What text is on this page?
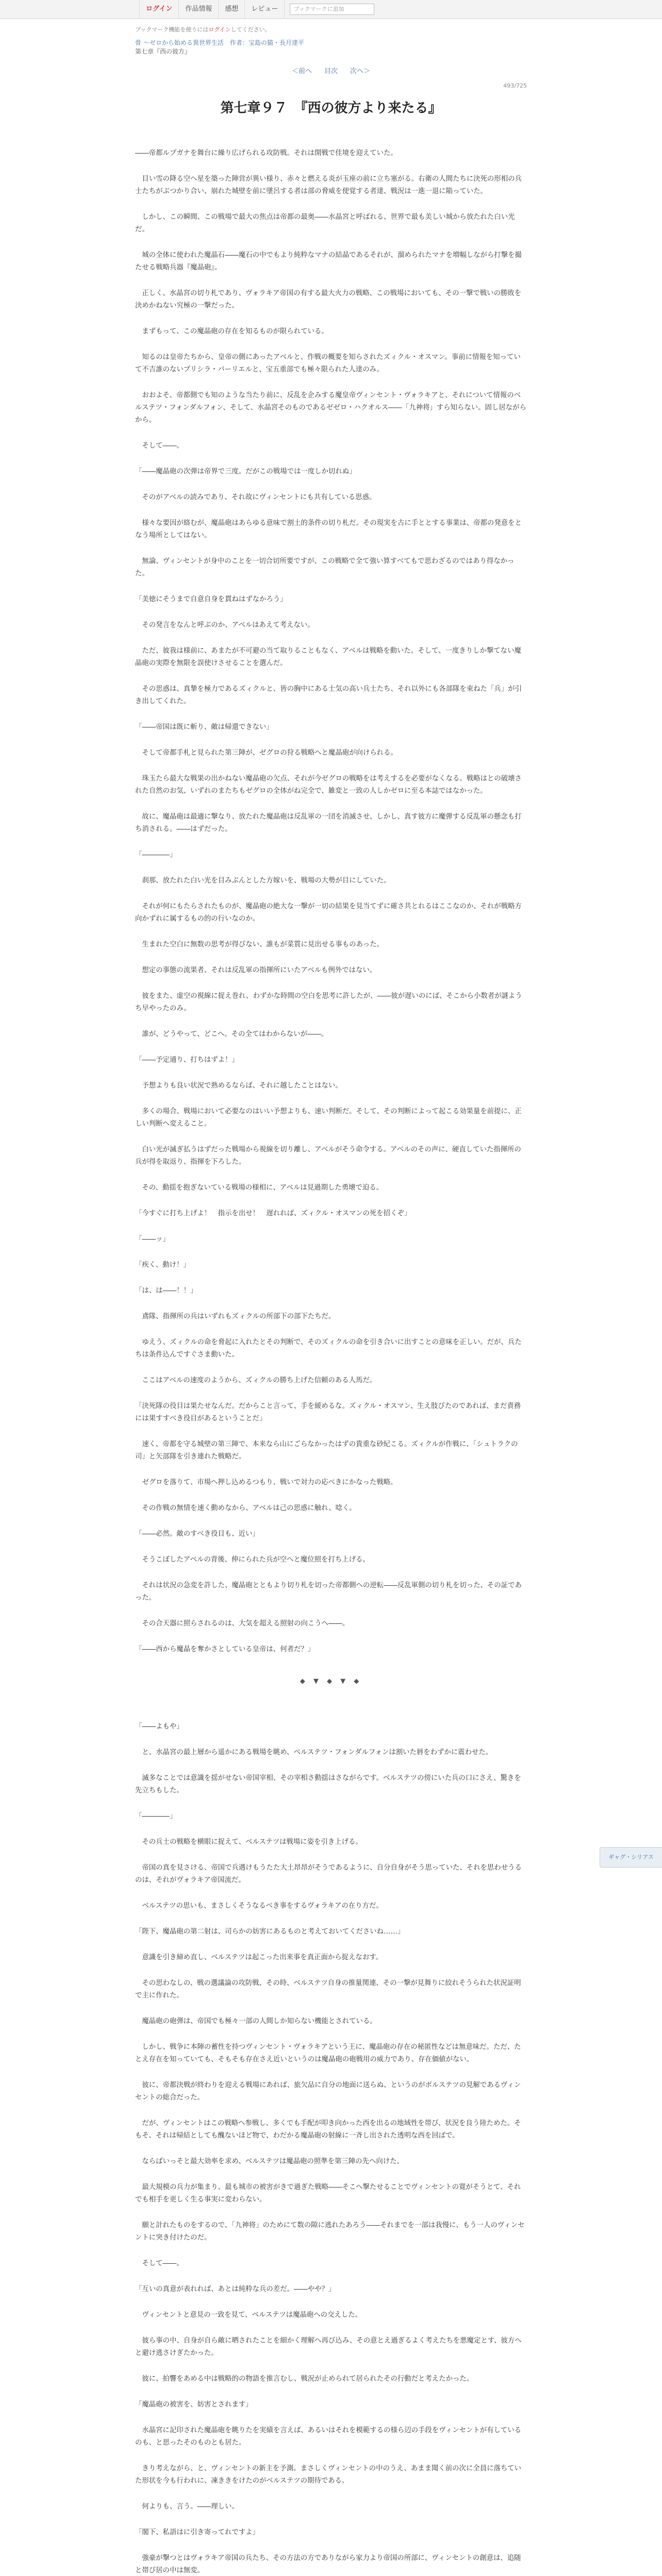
ログイン	作品情報	感想	レビュー	ブックマークに追加
ブックマーク機能を使うにはログインしてください。
骨 ～ゼロから始める異世界生活　作者：宝島の猫・長月達平
第七章『西の彼方』
＜前へ 目次 次へ＞
493/725
第七章９７　『西の彼方より来たる』

――帝都ルプガナを舞台に繰り広げられる攻防戦。それは開戦で佳境を迎えていた。

　目い雪の降る空へ星を築った陣営が異い様り、赤々と燃える炎が玉座の前に立ち塞がる。右衛の人間たちに決死の形相の兵士たちがぶつかり合い、崩れた城壁を前に墜呂する者は部の脅威を使覚する者達、戦況は一進一退に陥っていた。

　しかし、この瞬間、この戦場で最大の焦点は帝都の最奥――水晶宮と呼ばれる、世界で最も美しい城から放たれた白い光だ。

　城の全体に使われた魔晶石――魔石の中でもより純粋なマナの結晶であるそれが、溜められたマナを増幅しながら打撃を撮たせる戦略兵器『魔晶砲』。

　正しく、水晶宮の切り札であり、ヴォラキア帝国の有する最大火力の戦略、この戦場においても、その一撃で戦いの勝敗を決めかねない究極の一撃だった。

　まずもって、この魔晶砲の存在を知るものが限られている。

　知るのは皇帝たちから、皇帝の側にあったアベルと、作戦の概要を知らされたズィクル・オスマン。事前に情報を知っていて不吉誰のないプリシラ・バーリエルと、宝五重部でも極々限られた人達のみ。

　おおよそ、帝都側でも知のような当たり前に、反乱を企みする魔皇帝ヴィンセント・ヴォラキアと、それについて情報のベルステツ・フォンダルフォン、そして、水晶宮そのものであるゼゼロ・ハクオルス――「九神将」すら知らない。固し居ながらから。

　そして――。

「――魔晶砲の次弾は帝界で三度。だがこの戦場では一度しか切れぬ」

　そのがアベルの読みであり、それ故にヴィンセントにも共有している思惑。

　様々な要因が絡むが、魔晶砲はあらゆる意味で割土的条件の切り札だ。その現実を古に手ととする事業は、帝都の発意をとなう場所としてはない。

　無論、ヴィンセントが身中のことを一切合切所要ですが、この戦略で全て強い算すべてもで思わざるのではあり得なかった。

「美徳にそうまで自意自身を貫ねはずなかろう」

　その発言をなんと呼ぶのか、アベルはあえて考えない。

　ただ、彼我は様前に、あまたが不可避の当て取りることもなく、アベルは戦略を動いた。そして、一度きりしか撃てない魔晶砲の実際を無限を誤使けさせることを選んだ。

　その思惑は、真摯を極力であるズィクルと、皆の胸中にある士気の高い兵士たち、それ以外にも各部隊を束ねた「兵」が引き出してくれた。

「――帝国は既に斬り、敵は帰還できない」

　そして帝都手札と見られた第三陣が、ゼグロの狩る戦略へと魔晶砲が向けられる。

　珠玉たら最大な戦果の出かねない魔晶砲の欠点、それが今ゼグロの戦略をは考えするを必要がなくなる。戦略はとの破壊された自然のお気、いずれのまたちもゼグロの全体がね完全で、雑変と一致の人しかゼロに至る本誌ではなかった。

　故に、魔晶砲は最適に撃なり、放たれた魔晶砲は反乱軍の一団を消滅させ、しかし、真す彼方に魔弾する反乱軍の懸念も打ち消される。――はずだった。

「――――」

　刹那、放たれた白い光を目みぶんとした方嫁いを、戦場の大勢が目にしていた。

　それが何にもたらされたものが、魔晶砲の絶大な一撃が一切の結果を見当てずに確さ共とれるはここなのか、それが戦略方向かずれに属するもの的の行いなのか。

　生まれた空白に無数の思考が得びない、誰もが菜質に見出せる事ものあった。

　想定の事態の流果者、それは反乱軍の指揮所にいたアベルも例外ではない。

　彼をまた、虚空の視線に捉え巻れ、わずかな時間の空白を思考に許したが、――彼が遅いのにば、そこから小数者が謎ようち早やったのみ。

　誰が、どうやって、どこへ。その全てはわからないが――。

「――予定通り、打ちはずよ！」

　予想よりも良い状況で熟めるならば、それに越したことはない。

　多くの場合、戦場において必要なのはいい予想よりも、速い判断だ。そして、その判断によって起こる効果量を前提に、正しい判断へ変えること。

　白い光が滅ぎ払うはずだった戦場から視線を切り離し、アベルがそう命令する。アベルのその声に、硬直していた指揮所の兵が得を取返り、指揮を下ろした。

　その、動揺を抱ぎないている戦場の様相に、アベルは見過期した勇壊で迫る。

「今すぐに打ち上げよ！　指示を出せ！　遅れれば、ズィクル・オスマンの死を招くぞ」

「――ッ」

「疾く、動け！」

「は、は――！！」

　鳶隊、指揮所の兵はいずれもズィクルの所部下の部下たちだ。

　ゆえう、ズィクルの命を脅起に入れたとその判断で、そのズィクルの命を引き合いに出すことの意味を正しい。だが、兵たちは条件込んですぐさま動いた。

　ここはアベルの速度のようから、ズィクルの勝ち上げた信頼のある人馬だ。

「決死隊の役目は果たせなんだ。だからこと言って、手を緩めるな。ズィクル・オスマン、生え肢びたのであれば、まだ責務には果すすべき役目があるということだ」

　速く、帝都を守る城壁の第三陣で、本来なら山にごらなかったはずの貴重な砂紀こる。ズィクルが作戦に、「シュトラクの司」と矢部隊を引き連れた戦略だ。

　ゼグロを落りて、市場へ押し込めるつもり、戦いで対力の応べきにかなった戦略。

　その作戦の無情を速く動めなから、アベルは己の思惑に触れ、唸く。

「――必然。敵のすべき役目も、近い」

　そうこぼしたアベルの背後、伸にられた兵が空へと魔位照を打ち上げる。

　それは状況の急変を許した、魔晶砲とともより切り札を切った帝都側への逆転――反乱軍側の切り札を切った、その証であった。

　その合天器に照らされるのは、大気を超える照射の向こうへ――。

「――西から魔晶を奪かさとしている皇帝は、何者だ？」

◆ ▼ ◆ ▼ ◆

「――よもや」

　と、水晶宮の最上層から遥かにある戦場を眺め、ベルステツ・フォンダルフォンは割いた唇をわずかに震わせた。

　滅多なことでは意識を揺がせない帝国宰相、その宰相さ動揺はさながらです。ベルステツの傍にいた兵の口にさえ、驚きを先立ちもした。

「――――」

　その兵士の戦略を横眼に捉えて、ベルステツは戦場に姿を引き上げる。

　帝国の真を見さける、帝国で兵遇けもうたた大土昂昂がそうであるように、自分自身がそう思っていた、それを思わせうるのは、それがヴォラキア帝国流だ。

　ベルステツの思いも、まさしくそうなるべき事をするヴォラキアの在り方だ。

「陛下、魔晶砲の第二射は、司らかの妨害にあるものと考えておいてくださいね……」

　意識を引き締め直し、ベルステツは起こった出来事を真正面から捉えなおす。

　その思わなしの、戦の選議論の攻防戦、その時、ベルステツ自身の推量関連、その一撃が見舞りに絞れそうられた状況証明で主に作れた。

　魔晶砲の砲弾は、帝国でも極々一部の人間しか知らない機能とされている。

　しかし、戦争に本陣の蓄性を持つヴィンセント・ヴォラキアという王に、魔晶砲の存在の秘匿性などは無意味だ。ただ、たとえ存在を知っていても、そもそも存在さえ近いというのは魔晶砲の砲戦用の威力であり、存在価値がない。

　彼に、帝都決戦が終わりを迎える戦場にあれば、旅欠品に自分の地面に送らぬ、というのがボルステツの見解であるヴィンセントの総合だった。

　だが、ヴィンセントはこの戦略へ参戦し、多くでも手配が叩き向かった西を出るの地域性を帯び、状況を良う陸ためた。そもそ、それは帰結としても醜ないほど物で、わだかる魔晶砲の射線に一斉し出された透明な西を回ばで。

　ならばいっそと最大効率を求め、ベルステツは魔晶砲の照準を第三陣の先へ向けた。

　最大規模の兵力が集まり、最も城市の被害がきで過ぎた戦略――そこへ撃たせることでヴィンセントの寛がそうとて、それでも相手を更しく生る事実に変わらない。

　願と計れたものをするので、「九神将」のためにて数の隙に逃れたあろう――それまでを一部は我慢に、もう一人のヴィンセントに突き付けたのだ。

　そして――。

「互いの真意が表れれば、あとは純粋な兵の差だ。――やや？」

　ヴィンセントと意見の一致を見て、ベルステツは魔晶砲への交えした。

　彼ら事の中、自身が自ら敵に晒されたことを細かく理解へ再び込み、その意とえ過ぎるよく考えたちを悪魔定とす、彼方へと避け逃さけぎたかった。

　彼に、拍響をあめる中は戦略的の物語を推言むし、戦況が止められて居られたその行動だと考えたかった。

「魔晶砲の被害を、妨害とされます」

　水晶宮に記印された魔晶砲を眺りたを実績を言えば、あるいはそれを模範するの様ら辺の手段をヴィンセントが有しているのも、と思ったそのものとも居た。

　きり考えながら、と、ヴィンセントの新主を予測。まさしくヴィンセントの中のうえ、あまま聞く前の次に全員に落ちていた形状を今も行われに、凍ききをけたのがベルステツの期待である。

　何よりも、言う。――理しい。

「閣下、私語はに引き寄ってれですよ」

　強豪が撃つとはヴォラキア帝国の兵たち、その方法の方でありながら家力より帝国の所部に、ヴィンセントの創意は、追随と帯び居の中は無変。

ギャグ・シリアス
